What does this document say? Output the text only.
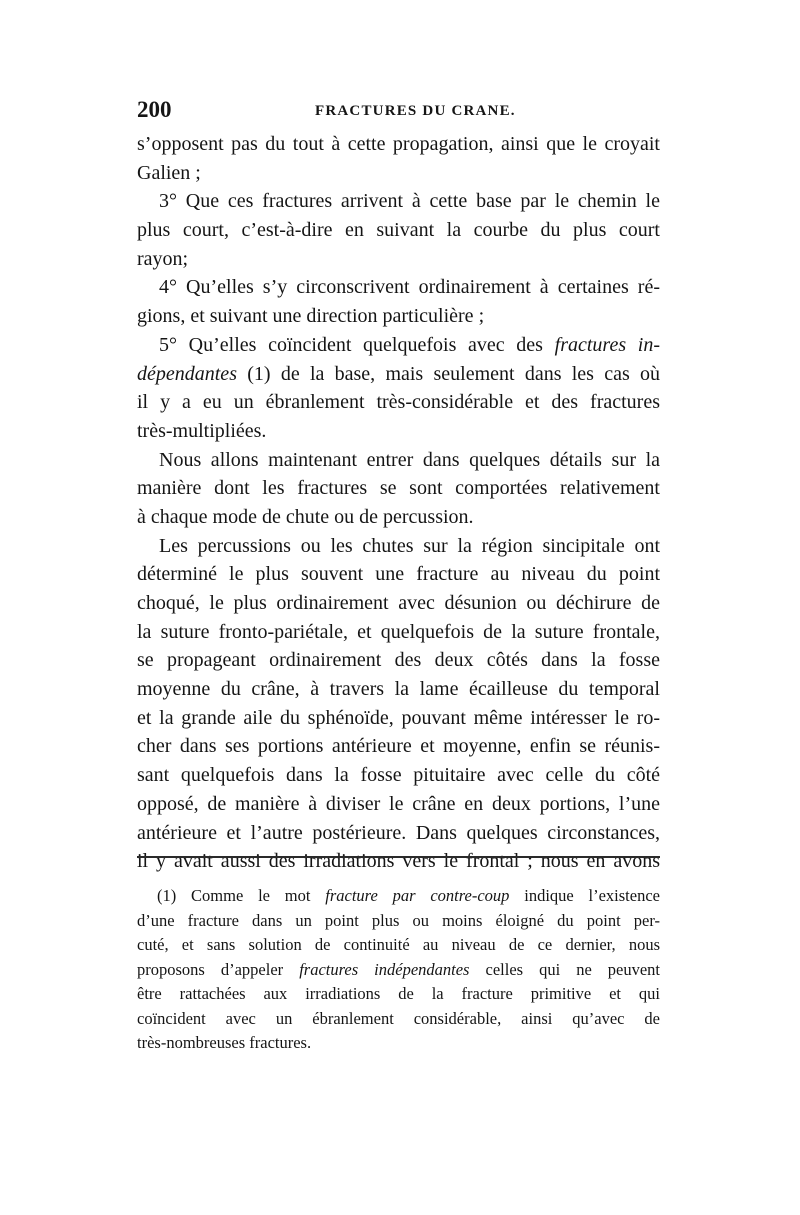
200	FRACTURES DU CRANE.
s’opposent pas du tout à cette propagation, ainsi que le croyait
Galien ;
3° Que ces fractures arrivent à cette base par le chemin le
plus court, c’est-à-dire en suivant la courbe du plus court
rayon;
4° Qu’elles s’y circonscrivent ordinairement à certaines ré-
gions, et suivant une direction particulière ;
5° Qu’elles coïncident quelquefois avec des fractures in-
dépendantes (1) de la base, mais seulement dans les cas où
il y a eu un ébranlement très-considérable et des fractures
très-multipliées.
Nous allons maintenant entrer dans quelques détails sur la
manière dont les fractures se sont comportées relativement
à chaque mode de chute ou de percussion.
Les percussions ou les chutes sur la région sincipitale ont
déterminé le plus souvent une fracture au niveau du point
choqué, le plus ordinairement avec désunion ou déchirure de
la suture fronto-pariétale, et quelquefois de la suture frontale,
se propageant ordinairement des deux côtés dans la fosse
moyenne du crâne, à travers la lame écailleuse du temporal
et la grande aile du sphénoïde, pouvant même intéresser le ro-
cher dans ses portions antérieure et moyenne, enfin se réunis-
sant quelquefois dans la fosse pituitaire avec celle du côté
opposé, de manière à diviser le crâne en deux portions, l’une
antérieure et l’autre postérieure. Dans quelques circonstances,
il y avait aussi des irradiations vers le frontal ; nous en avons
(1) Comme le mot fracture par contre-coup indique l’existence
d’une fracture dans un point plus ou moins éloigné du point per-
cuté, et sans solution de continuité au niveau de ce dernier, nous
proposons d’appeler fractures indépendantes celles qui ne peuvent
être rattachées aux irradiations de la fracture primitive et qui
coïncident avec un ébranlement considérable, ainsi qu’avec de
très-nombreuses fractures.
